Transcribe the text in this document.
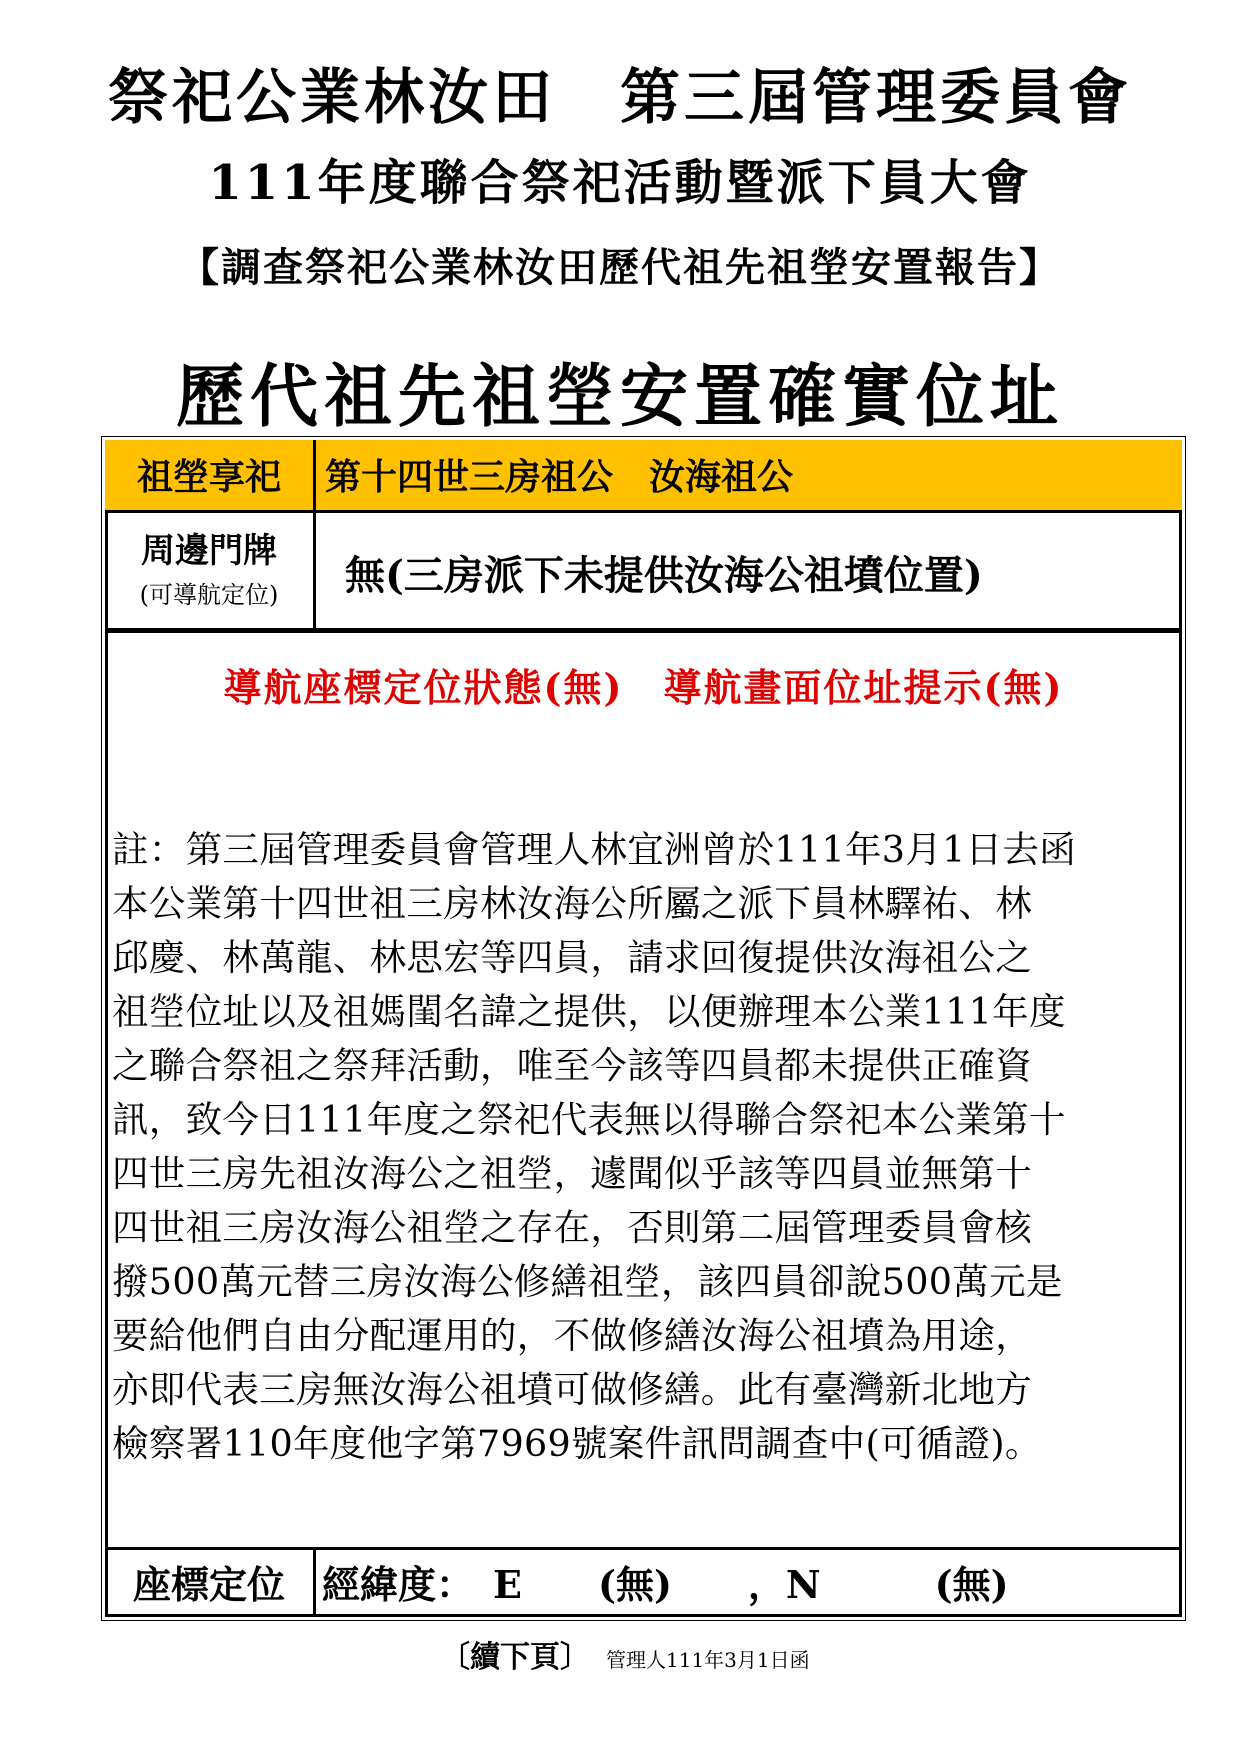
祭祀公業林汝田　第三屆管理委員會
111年度聯合祭祀活動暨派下員大會
【調查祭祀公業林汝田歷代祖先祖塋安置報告】
歷代祖先祖塋安置確實位址
祖塋享祀	第十四世三房祖公　汝海祖公
周邊門牌
(可導航定位)	無(三房派下未提供汝海公祖墳位置)
導航座標定位狀態(無)　導航畫面位址提示(無)

註：第三屆管理委員會管理人林宜洲曾於111年3月1日去函

本公業第十四世祖三房林汝海公所屬之派下員林驛祐、林

邱慶、林萬龍、林思宏等四員，請求回復提供汝海祖公之

祖塋位址以及祖媽閨名諱之提供，以便辦理本公業111年度

之聯合祭祖之祭拜活動，唯至今該等四員都未提供正確資

訊，致今日111年度之祭祀代表無以得聯合祭祀本公業第十

四世三房先祖汝海公之祖塋，遽聞似乎該等四員並無第十

四世祖三房汝海公祖塋之存在，否則第二屆管理委員會核

撥500萬元替三房汝海公修繕祖塋，該四員卻說500萬元是

要給他們自由分配運用的，不做修繕汝海公祖墳為用途，

亦即代表三房無汝海公祖墳可做修繕。此有臺灣新北地方

檢察署110年度他字第7969號案件訊問調查中(可循證)。

座標定位 經緯度：　E　　(無)　　，N　　　(無)
〔續下頁〕 管理人111年3月1日函
